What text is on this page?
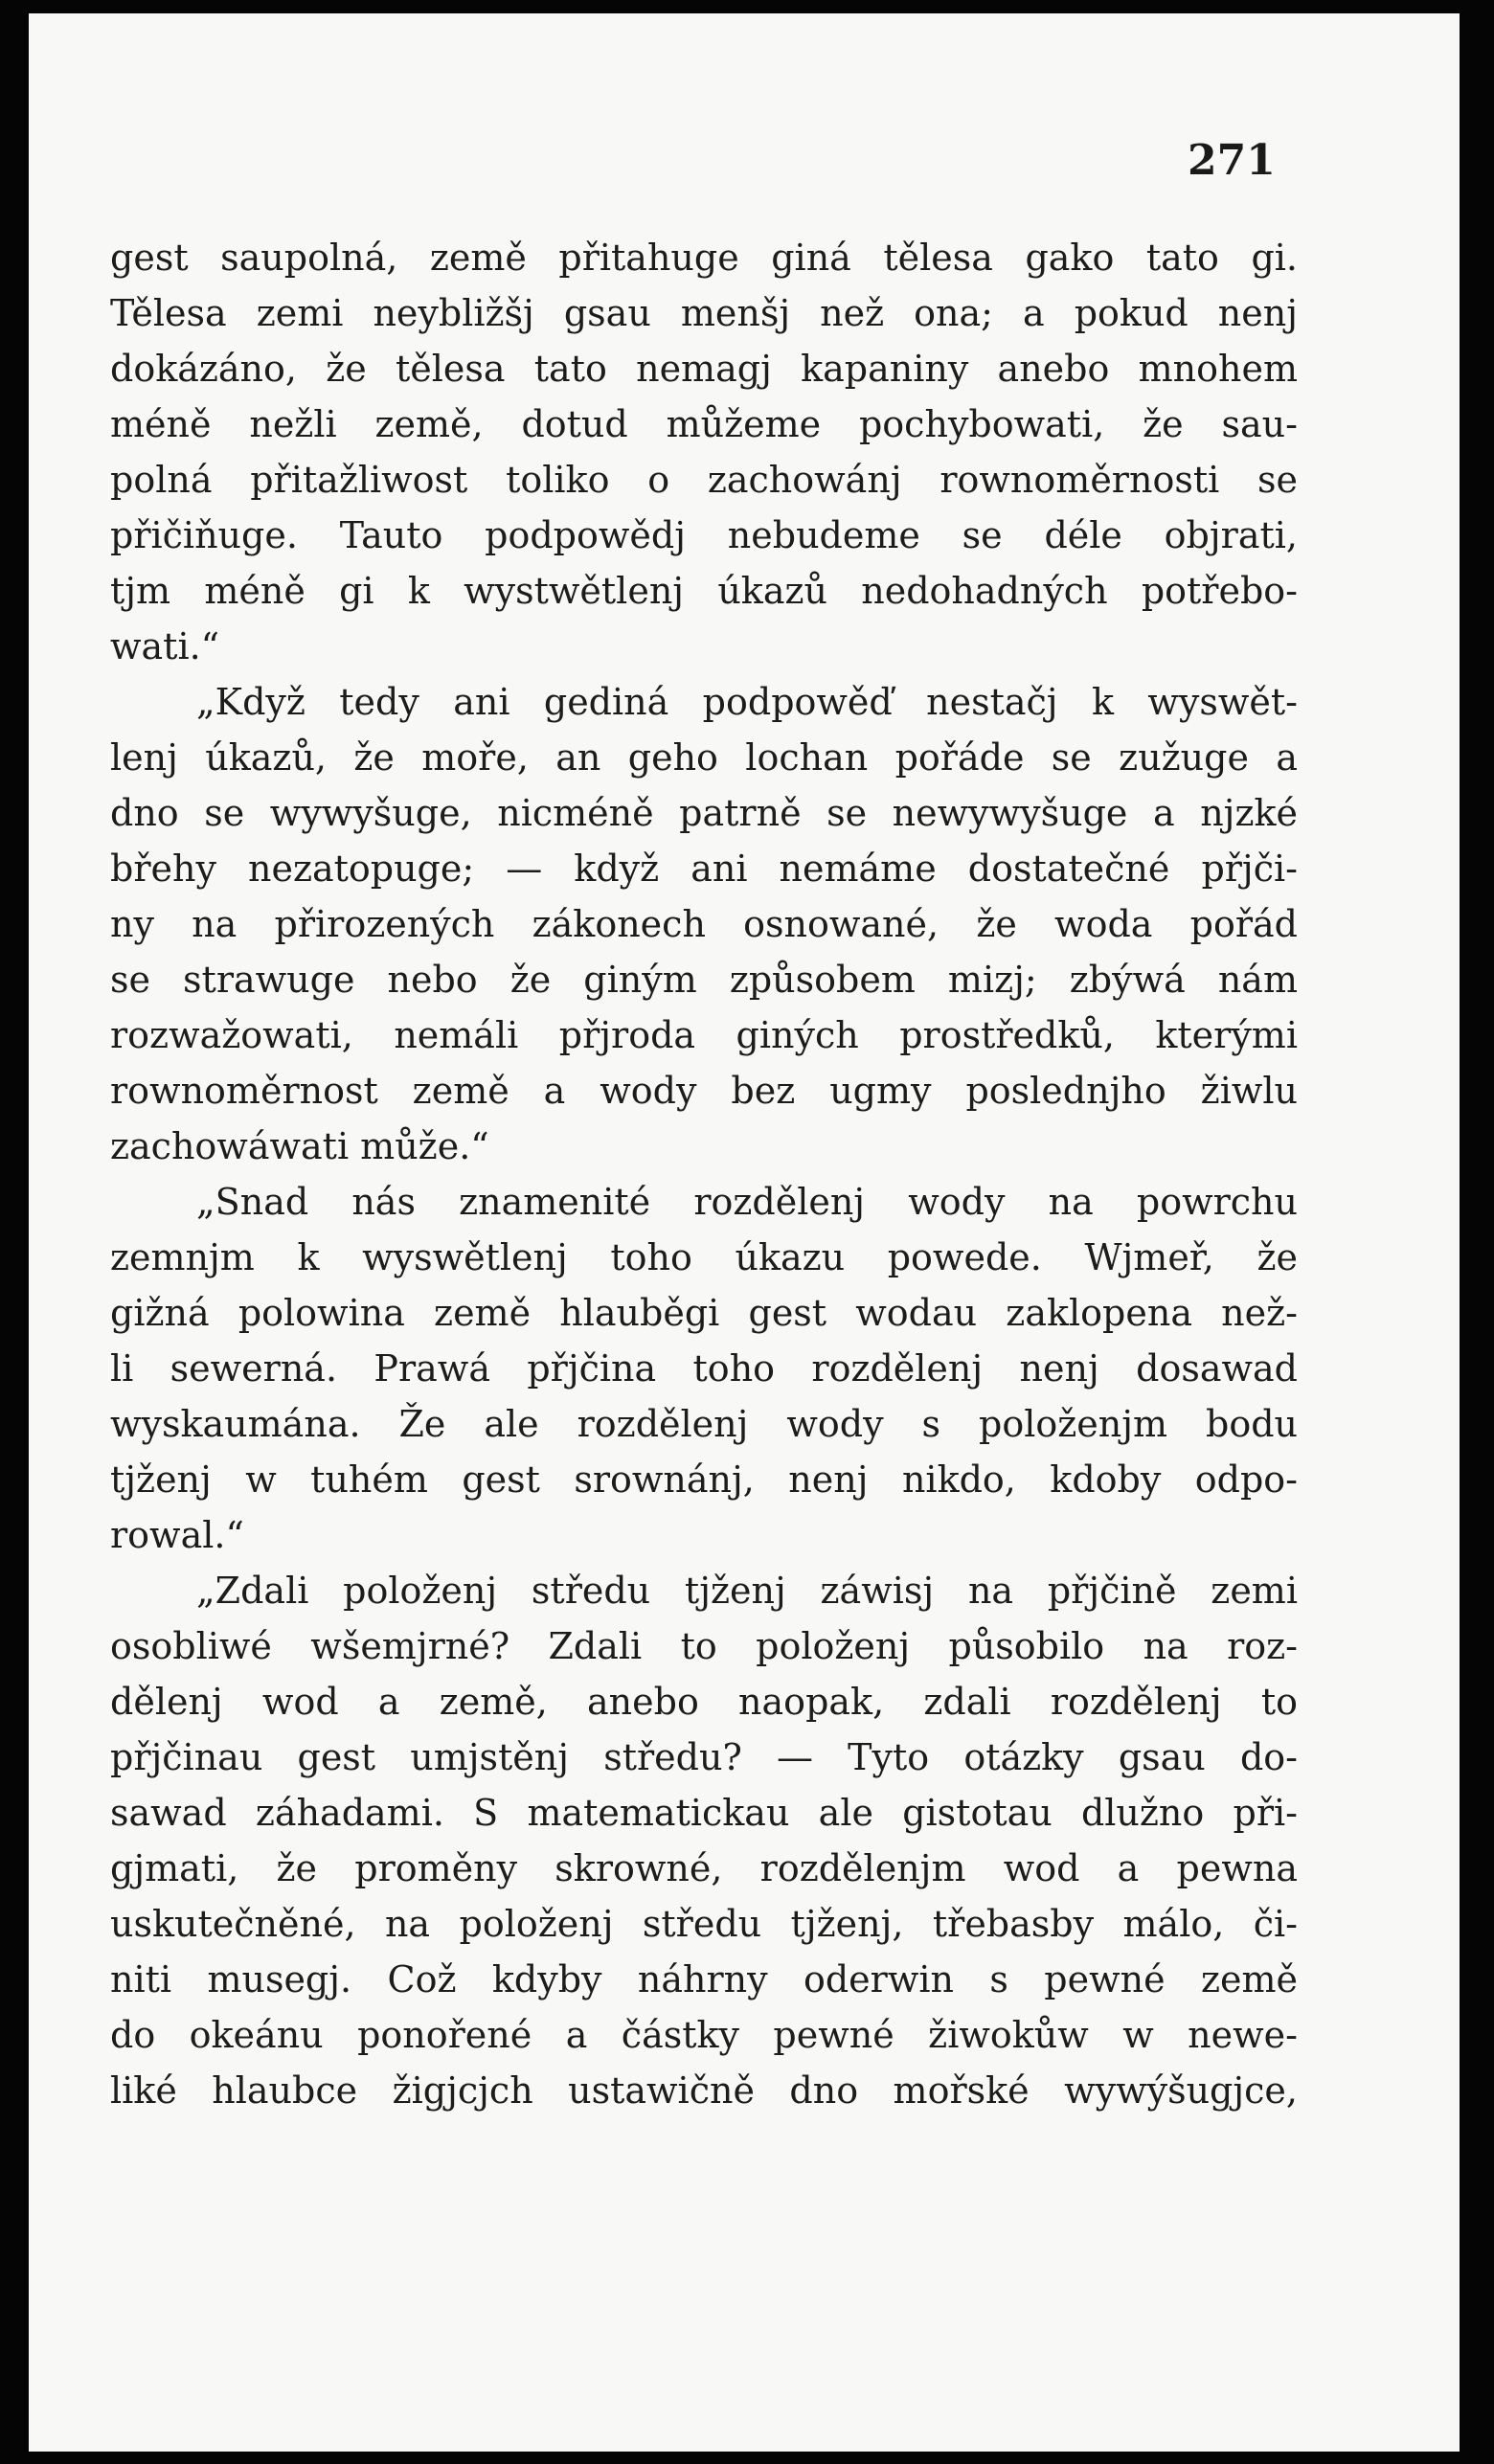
271
gest saupolná, země přitahuge giná tělesa gako tato gi.
Tělesa zemi neybližšj gsau menšj než ona; a pokud nenj
dokázáno, že tělesa tato nemagj kapaniny anebo mnohem
méně nežli země, dotud můžeme pochybowati, že sau-
polná přitažliwost toliko o zachowánj rownoměrnosti se
přičiňuge. Tauto podpowědj nebudeme se déle objrati,
tjm méně gi k wystwětlenj úkazů nedohadných potřebo-
wati.“
„Když tedy ani gediná podpowěď nestačj k wyswět-
lenj úkazů, že moře, an geho lochan pořáde se zužuge a
dno se wywyšuge, nicméně patrně se newywyšuge a njzké
břehy nezatopuge; — když ani nemáme dostatečné přjči-
ny na přirozených zákonech osnowané, že woda pořád
se strawuge nebo že giným způsobem mizj; zbýwá nám
rozwažowati, nemáli přjroda giných prostředků, kterými
rownoměrnost země a wody bez ugmy poslednjho žiwlu
zachowáwati může.“
„Snad nás znamenité rozdělenj wody na powrchu
zemnjm k wyswětlenj toho úkazu powede. Wjmeř, že
gižná polowina země hlauběgi gest wodau zaklopena než-
li sewerná. Prawá přjčina toho rozdělenj nenj dosawad
wyskaumána. Že ale rozdělenj wody s položenjm bodu
tjženj w tuhém gest srownánj, nenj nikdo, kdoby odpo-
rowal.“
„Zdali položenj středu tjženj záwisj na přjčině zemi
osobliwé wšemjrné? Zdali to položenj působilo na roz-
dělenj wod a země, anebo naopak, zdali rozdělenj to
přjčinau gest umjstěnj středu? — Tyto otázky gsau do-
sawad záhadami. S matematickau ale gistotau dlužno při-
gjmati, že proměny skrowné, rozdělenjm wod a pewna
uskutečněné, na položenj středu tjženj, třebasby málo, či-
niti musegj. Což kdyby náhrny oderwin s pewné země
do okeánu ponořené a částky pewné žiwokůw w newe-
liké hlaubce žigjcjch ustawičně dno mořské wywýšugjce,
